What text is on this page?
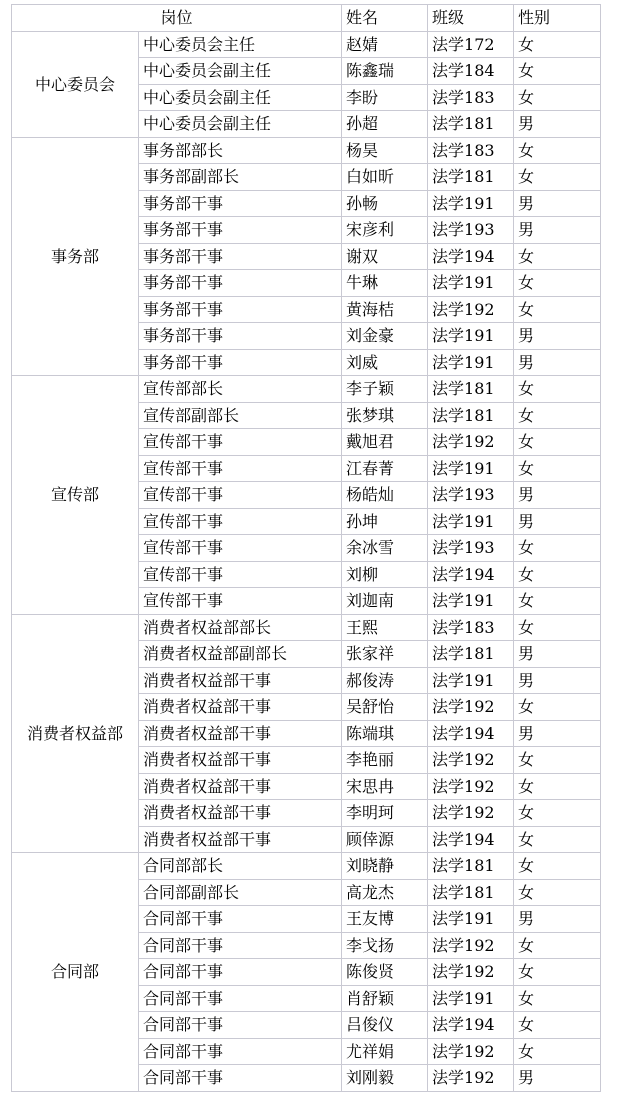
岗位		姓名	班级	性别
中心委员会	中心委员会主任	赵婧	法学172	女
	中心委员会副主任	陈鑫瑞	法学184	女
	中心委员会副主任	李盼	法学183	女
	中心委员会副主任	孙超	法学181	男
事务部	事务部部长	杨昊	法学183	女
	事务部副部长	白如昕	法学181	女
	事务部干事	孙畅	法学191	男
	事务部干事	宋彦利	法学193	男
	事务部干事	谢双	法学194	女
	事务部干事	牛琳	法学191	女
	事务部干事	黄海桔	法学192	女
	事务部干事	刘金豪	法学191	男
	事务部干事	刘威	法学191	男
宣传部	宣传部部长	李子颖	法学181	女
	宣传部副部长	张梦琪	法学181	女
	宣传部干事	戴旭君	法学192	女
	宣传部干事	江春菁	法学191	女
	宣传部干事	杨皓灿	法学193	男
	宣传部干事	孙坤	法学191	男
	宣传部干事	余冰雪	法学193	女
	宣传部干事	刘柳	法学194	女
	宣传部干事	刘迦南	法学191	女
消费者权益部	消费者权益部部长	王熙	法学183	女
	消费者权益部副部长	张家祥	法学181	男
	消费者权益部干事	郝俊涛	法学191	男
	消费者权益部干事	吴舒怡	法学192	女
	消费者权益部干事	陈端琪	法学194	男
	消费者权益部干事	李艳丽	法学192	女
	消费者权益部干事	宋思冉	法学192	女
	消费者权益部干事	李明珂	法学192	女
	消费者权益部干事	顾倖源	法学194	女
合同部	合同部部长	刘晓静	法学181	女
	合同部副部长	高龙杰	法学181	女
	合同部干事	王友博	法学191	男
	合同部干事	李戈扬	法学192	女
	合同部干事	陈俊贤	法学192	女
	合同部干事	肖舒颖	法学191	女
	合同部干事	吕俊仪	法学194	女
	合同部干事	尤祥娟	法学192	女
	合同部干事	刘刚毅	法学192	男
